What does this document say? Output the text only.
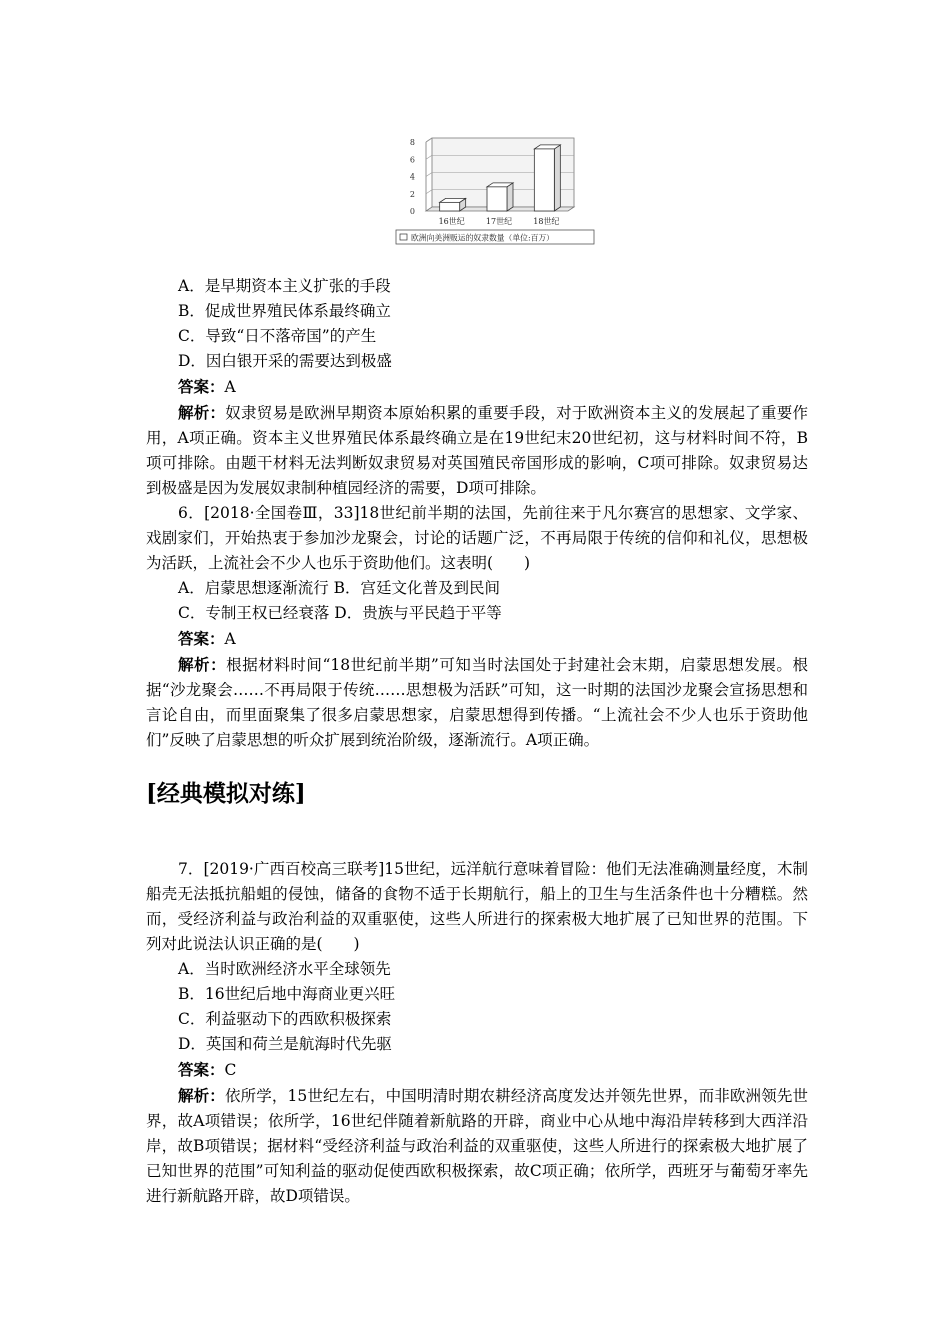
0
2
4
6
8
16世纪	17世纪	18世纪
欧洲向美洲贩运的奴隶数量（单位:百万）
A．是早期资本主义扩张的手段
B．促成世界殖民体系最终确立
C．导致“日不落帝国”的产生
D．因白银开采的需要达到极盛
答案：A
解析：奴隶贸易是欧洲早期资本原始积累的重要手段，对于欧洲资本主义的发展起了重要作用，A项正确。资本主义世界殖民体系最终确立是在19世纪末20世纪初，这与材料时间不符，B项可排除。由题干材料无法判断奴隶贸易对英国殖民帝国形成的影响，C项可排除。奴隶贸易达到极盛是因为发展奴隶制种植园经济的需要，D项可排除。
6．[2018·全国卷Ⅲ，33]18世纪前半期的法国，先前往来于凡尔赛宫的思想家、文学家、戏剧家们，开始热衷于参加沙龙聚会，讨论的话题广泛，不再局限于传统的信仰和礼仪，思想极为活跃，上流社会不少人也乐于资助他们。这表明(　　)
A．启蒙思想逐渐流行 B．宫廷文化普及到民间
C．专制王权已经衰落 D．贵族与平民趋于平等
答案：A
解析：根据材料时间“18世纪前半期”可知当时法国处于封建社会末期，启蒙思想发展。根据“沙龙聚会……不再局限于传统……思想极为活跃”可知，这一时期的法国沙龙聚会宣扬思想和言论自由，而里面聚集了很多启蒙思想家，启蒙思想得到传播。“上流社会不少人也乐于资助他们”反映了启蒙思想的听众扩展到统治阶级，逐渐流行。A项正确。
[经典模拟对练]
7．[2019·广西百校高三联考]15世纪，远洋航行意味着冒险：他们无法准确测量经度，木制船壳无法抵抗船蛆的侵蚀，储备的食物不适于长期航行，船上的卫生与生活条件也十分糟糕。然而，受经济利益与政治利益的双重驱使，这些人所进行的探索极大地扩展了已知世界的范围。下列对此说法认识正确的是(　　)
A．当时欧洲经济水平全球领先
B．16世纪后地中海商业更兴旺
C．利益驱动下的西欧积极探索
D．英国和荷兰是航海时代先驱
答案：C
解析：依所学，15世纪左右，中国明清时期农耕经济高度发达并领先世界，而非欧洲领先世界，故A项错误；依所学，16世纪伴随着新航路的开辟，商业中心从地中海沿岸转移到大西洋沿岸，故B项错误；据材料“受经济利益与政治利益的双重驱使，这些人所进行的探索极大地扩展了已知世界的范围”可知利益的驱动促使西欧积极探索，故C项正确；依所学，西班牙与葡萄牙率先进行新航路开辟，故D项错误。
